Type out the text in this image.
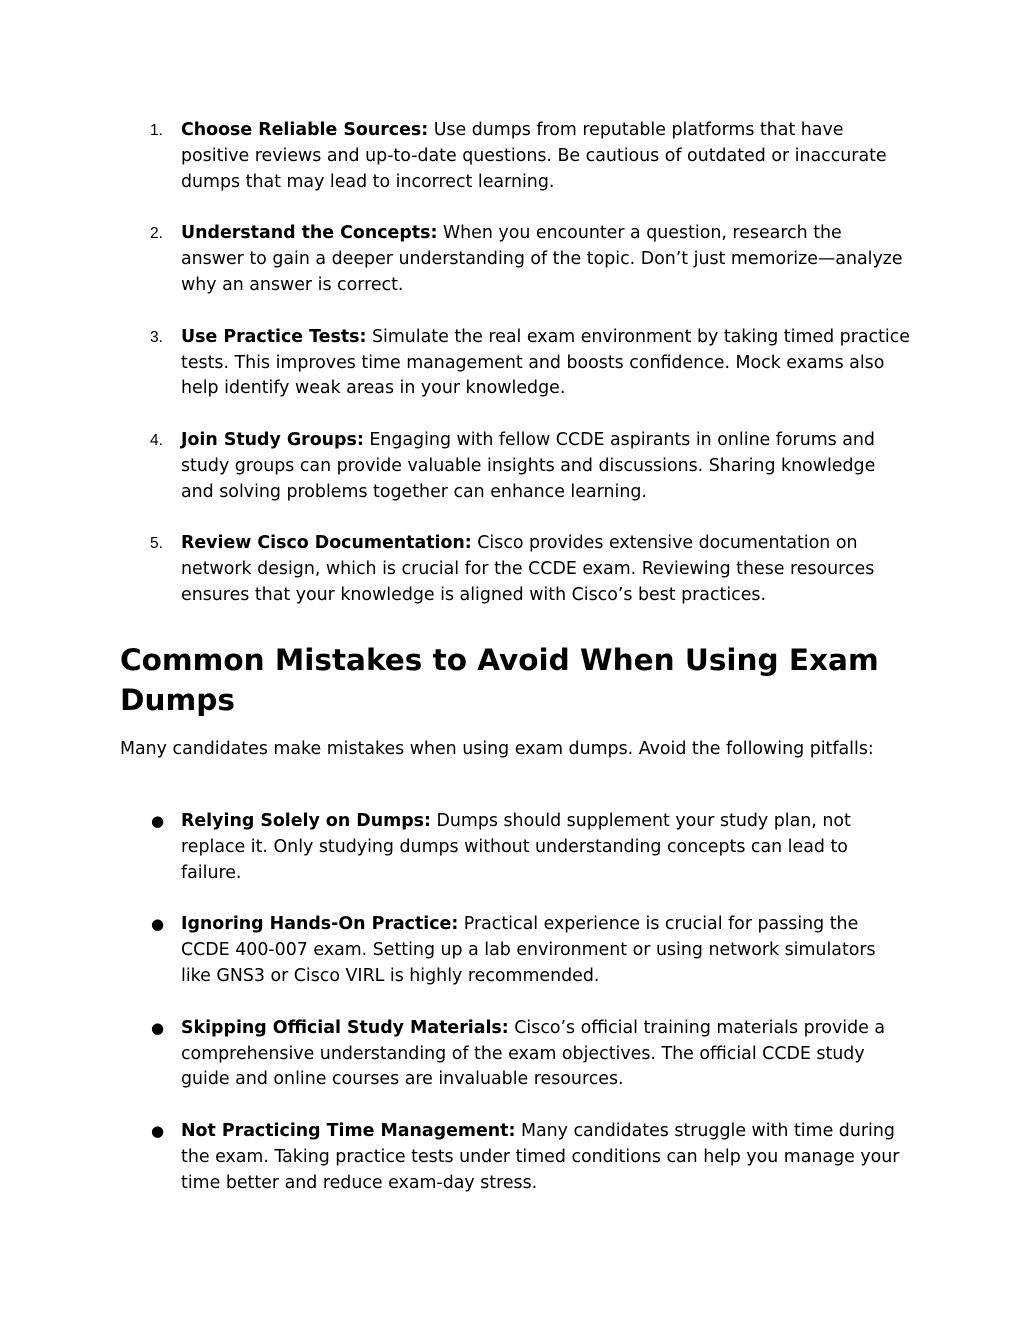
1. Choose Reliable Sources: Use dumps from reputable platforms that have positive reviews and up-to-date questions. Be cautious of outdated or inaccurate dumps that may lead to incorrect learning.
2. Understand the Concepts: When you encounter a question, research the answer to gain a deeper understanding of the topic. Don’t just memorize—analyze why an answer is correct.
3. Use Practice Tests: Simulate the real exam environment by taking timed practice tests. This improves time management and boosts confidence. Mock exams also help identify weak areas in your knowledge.
4. Join Study Groups: Engaging with fellow CCDE aspirants in online forums and study groups can provide valuable insights and discussions. Sharing knowledge and solving problems together can enhance learning.
5. Review Cisco Documentation: Cisco provides extensive documentation on network design, which is crucial for the CCDE exam. Reviewing these resources ensures that your knowledge is aligned with Cisco’s best practices.
Common Mistakes to Avoid When Using Exam Dumps

Many candidates make mistakes when using exam dumps. Avoid the following pitfalls:

● Relying Solely on Dumps: Dumps should supplement your study plan, not replace it. Only studying dumps without understanding concepts can lead to failure.
● Ignoring Hands-On Practice: Practical experience is crucial for passing the CCDE 400-007 exam. Setting up a lab environment or using network simulators like GNS3 or Cisco VIRL is highly recommended.
● Skipping Official Study Materials: Cisco’s official training materials provide a comprehensive understanding of the exam objectives. The official CCDE study guide and online courses are invaluable resources.
● Not Practicing Time Management: Many candidates struggle with time during the exam. Taking practice tests under timed conditions can help you manage your time better and reduce exam-day stress.
